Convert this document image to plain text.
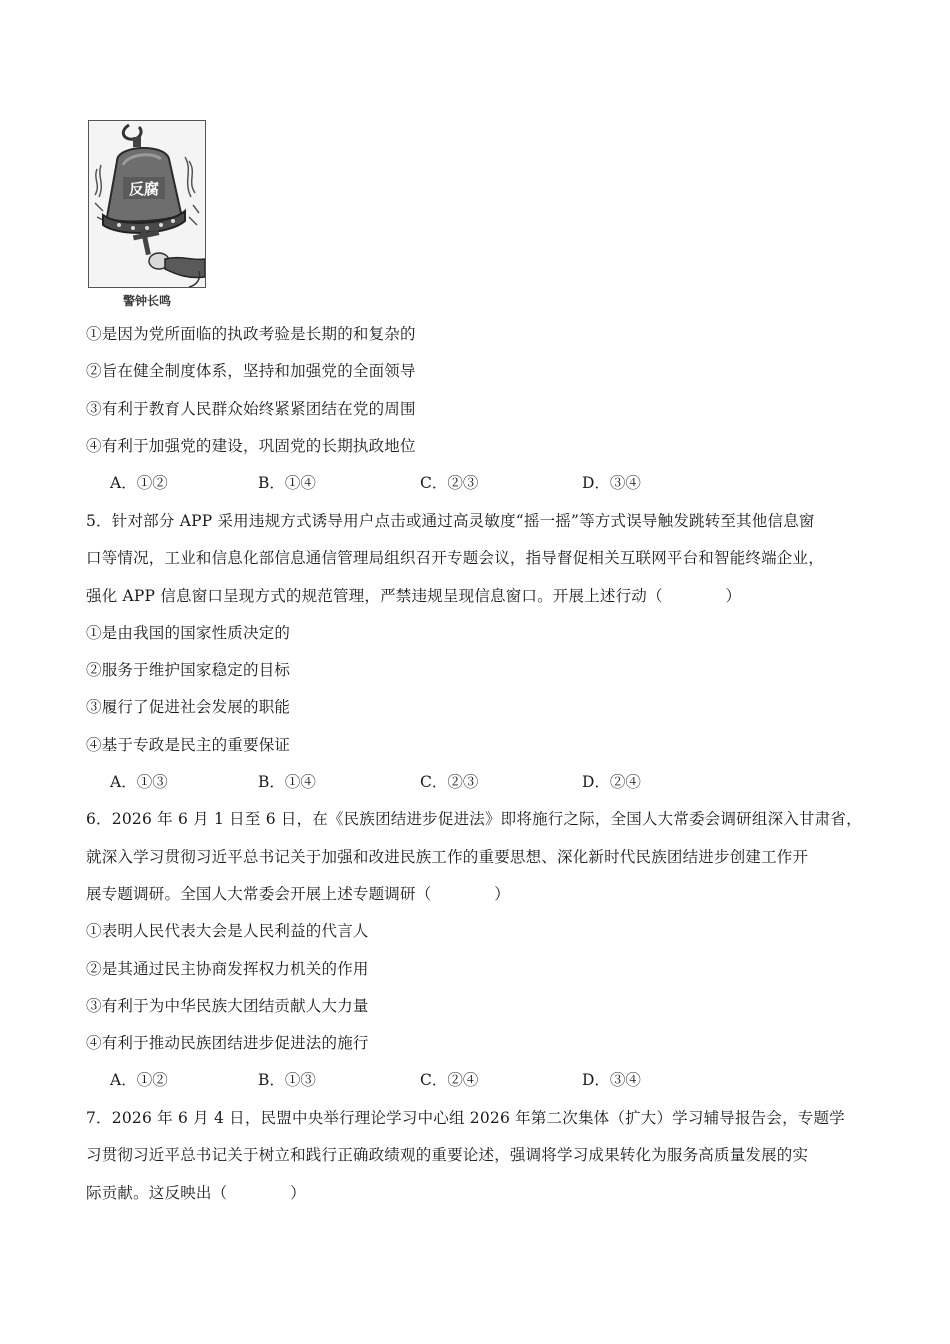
反腐
警钟长鸣
①是因为党所面临的执政考验是长期的和复杂的
②旨在健全制度体系，坚持和加强党的全面领导
③有利于教育人民群众始终紧紧团结在党的周围
④有利于加强党的建设，巩固党的长期执政地位
A．①②	B．①④	C．②③	D．③④
5．针对部分 APP 采用违规方式诱导用户点击或通过高灵敏度“摇一摇”等方式误导触发跳转至其他信息窗
口等情况，工业和信息化部信息通信管理局组织召开专题会议，指导督促相关互联网平台和智能终端企业，
强化 APP 信息窗口呈现方式的规范管理，严禁违规呈现信息窗口。开展上述行动（　　　　）
①是由我国的国家性质决定的
②服务于维护国家稳定的目标
③履行了促进社会发展的职能
④基于专政是民主的重要保证
A．①③	B．①④	C．②③	D．②④
6．2026 年 6 月 1 日至 6 日，在《民族团结进步促进法》即将施行之际，全国人大常委会调研组深入甘肃省，
就深入学习贯彻习近平总书记关于加强和改进民族工作的重要思想、深化新时代民族团结进步创建工作开
展专题调研。全国人大常委会开展上述专题调研（　　　　）
①表明人民代表大会是人民利益的代言人
②是其通过民主协商发挥权力机关的作用
③有利于为中华民族大团结贡献人大力量
④有利于推动民族团结进步促进法的施行
A．①②	B．①③	C．②④	D．③④
7．2026 年 6 月 4 日，民盟中央举行理论学习中心组 2026 年第二次集体（扩大）学习辅导报告会，专题学
习贯彻习近平总书记关于树立和践行正确政绩观的重要论述，强调将学习成果转化为服务高质量发展的实
际贡献。这反映出（　　　　）
